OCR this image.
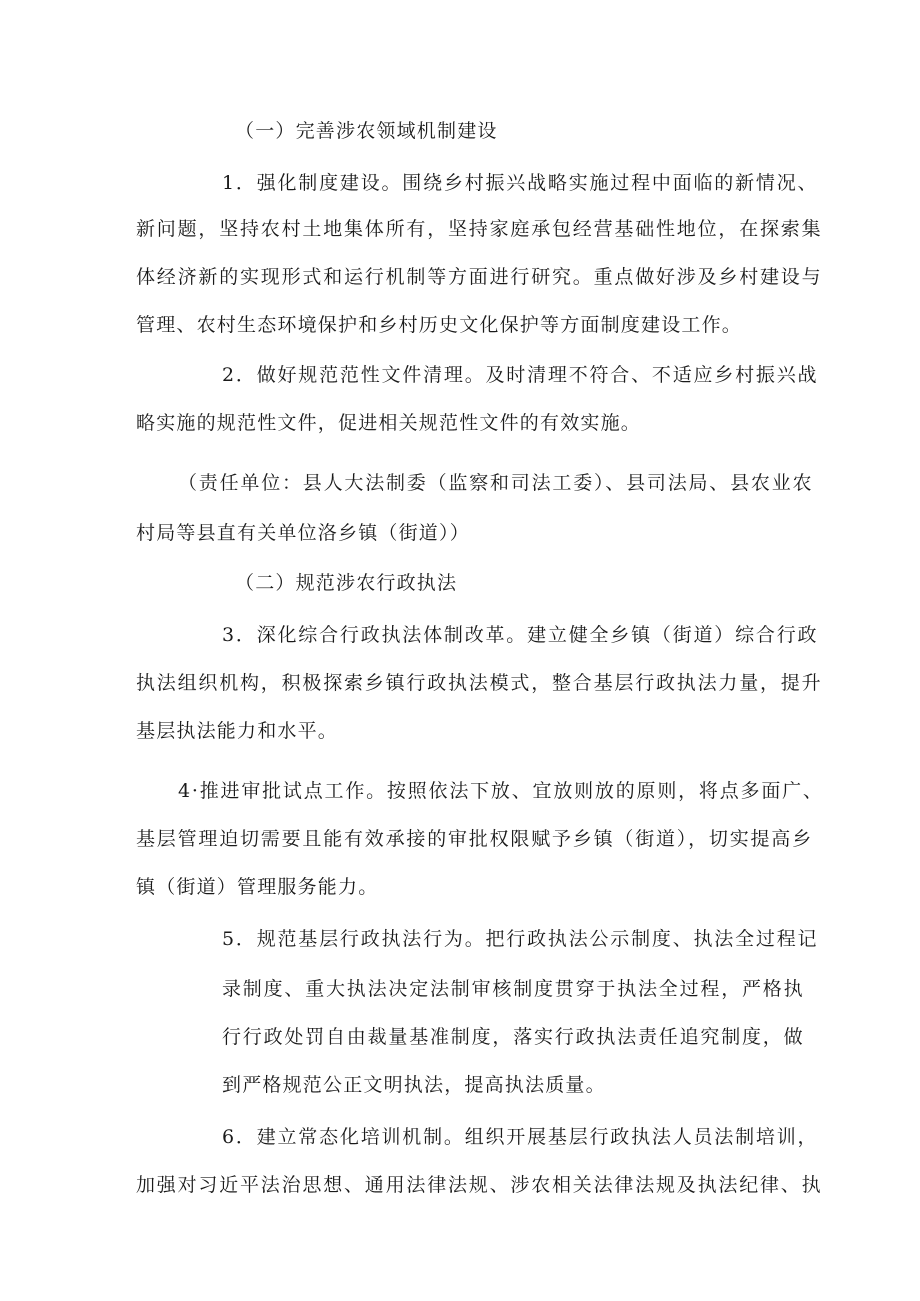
（一）完善涉农领域机制建设
1．强化制度建设。围绕乡村振兴战略实施过程中面临的新情况、
新问题，坚持农村土地集体所有，坚持家庭承包经营基础性地位，在探索集
体经济新的实现形式和运行机制等方面进行研究。重点做好涉及乡村建设与
管理、农村生态环境保护和乡村历史文化保护等方面制度建设工作。
2．做好规范范性文件清理。及时清理不符合、不适应乡村振兴战
略实施的规范性文件，促进相关规范性文件的有效实施。
（责任单位：县人大法制委（监察和司法工委）、县司法局、县农业农
村局等县直有关单位洛乡镇（街道））
（二）规范涉农行政执法
3．深化综合行政执法体制改革。建立健全乡镇（街道）综合行政
执法组织机构，积极探索乡镇行政执法模式，整合基层行政执法力量，提升
基层执法能力和水平。
4·推进审批试点工作。按照依法下放、宜放则放的原则，将点多面广、
基层管理迫切需要且能有效承接的审批权限赋予乡镇（街道），切实提高乡
镇（街道）管理服务能力。
5．规范基层行政执法行为。把行政执法公示制度、执法全过程记
录制度、重大执法决定法制审核制度贯穿于执法全过程，严格执
行行政处罚自由裁量基准制度，落实行政执法责任追究制度，做
到严格规范公正文明执法，提高执法质量。
6．建立常态化培训机制。组织开展基层行政执法人员法制培训，
加强对习近平法治思想、通用法律法规、涉农相关法律法规及执法纪律、执
